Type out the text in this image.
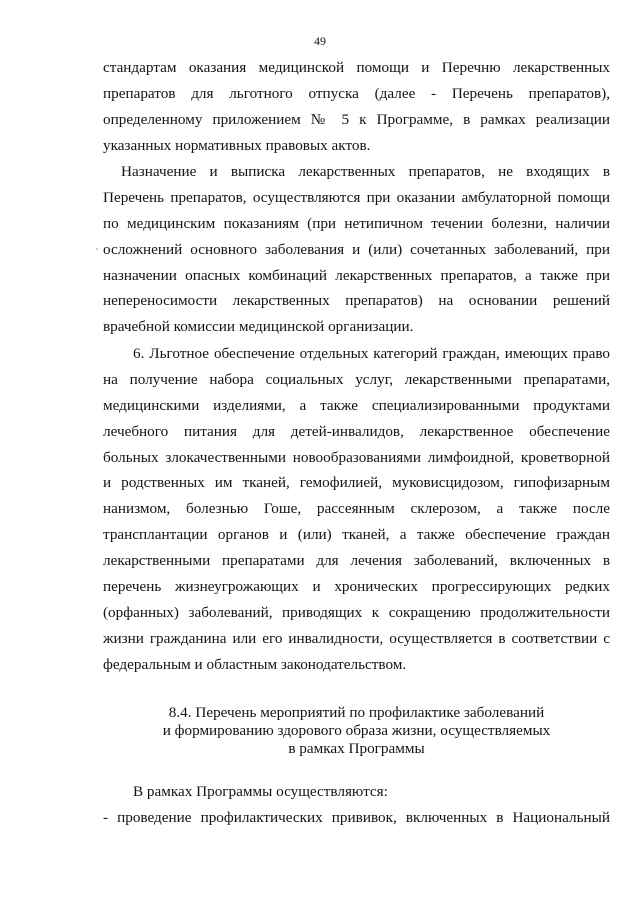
49
стандартам оказания медицинской помощи и Перечню лекарственных
препаратов для льготного отпуска (далее - Перечень препаратов),
определенному приложением № 5 к Программе, в рамках реализации
указанных нормативных правовых актов.
Назначение и выписка лекарственных препаратов, не входящих в
Перечень препаратов, осуществляются при оказании амбулаторной помощи
по медицинским показаниям (при нетипичном течении болезни, наличии
осложнений основного заболевания и (или) сочетанных заболеваний, при
назначении опасных комбинаций лекарственных препаратов, а также при
непереносимости лекарственных препаратов) на основании решений
врачебной комиссии медицинской организации.
6. Льготное обеспечение отдельных категорий граждан, имеющих право
на получение набора социальных услуг, лекарственными препаратами,
медицинскими изделиями, а также специализированными продуктами
лечебного питания для детей-инвалидов, лекарственное обеспечение
больных злокачественными новообразованиями лимфоидной, кроветворной
и родственных им тканей, гемофилией, муковисцидозом, гипофизарным
нанизмом, болезнью Гоше, рассеянным склерозом, а также после
трансплантации органов и (или) тканей, а также обеспечение граждан
лекарственными препаратами для лечения заболеваний, включенных в
перечень жизнеугрожающих и хронических прогрессирующих редких
(орфанных) заболеваний, приводящих к сокращению продолжительности
жизни гражданина или его инвалидности, осуществляется в соответствии с
федеральным и областным законодательством.
8.4. Перечень мероприятий по профилактике заболеваний
и формированию здорового образа жизни, осуществляемых
в рамках Программы
В рамках Программы осуществляются:
- проведение профилактических прививок, включенных в Национальный
